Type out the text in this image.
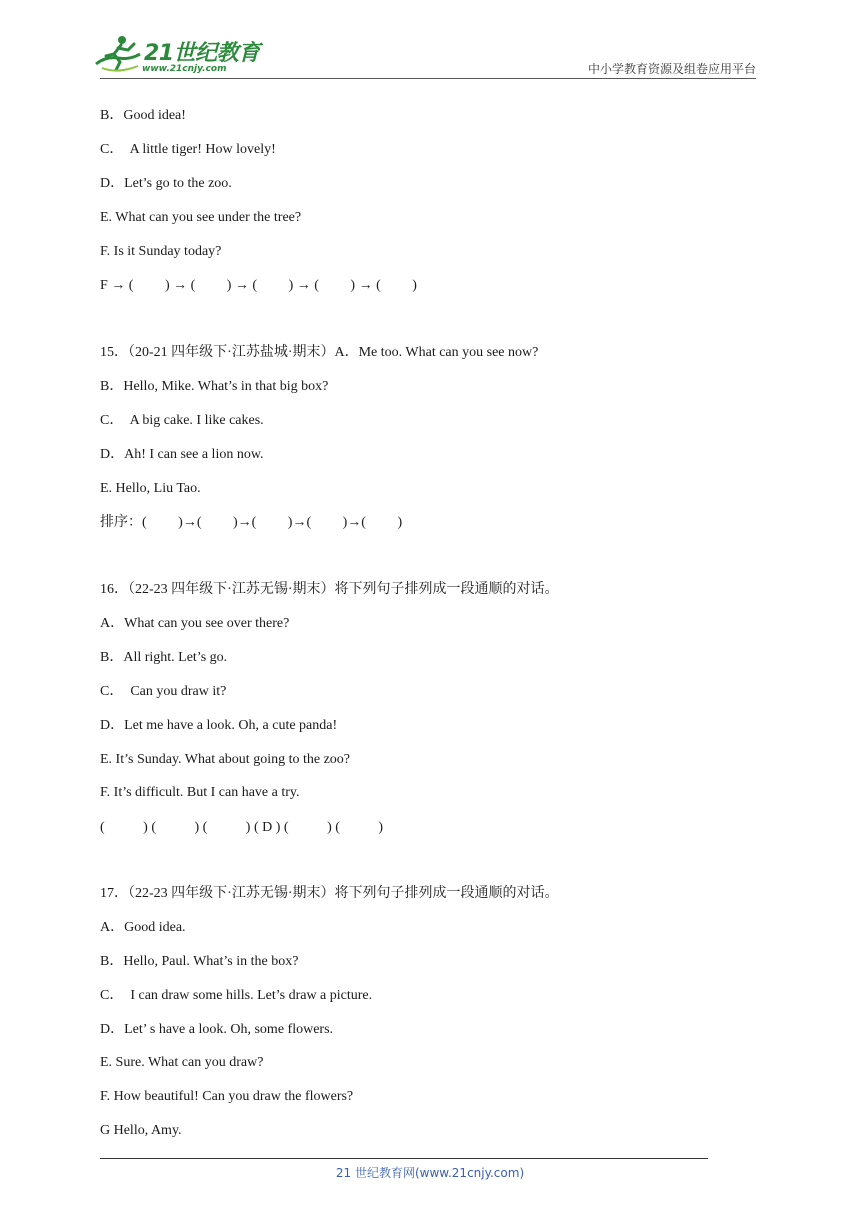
21世纪教育
www.21cnjy.com	中小学教育资源及组卷应用平台
B．Good idea!
C．  A little tiger! How lovely!
D．Let’s go to the zoo.
E. What can you see under the tree?
F. Is it Sunday today?
F → (         ) → (         ) → (         ) → (         ) → (         )
15．（20-21 四年级下·江苏盐城·期末）A．Me too. What can you see now?
B．Hello, Mike. What’s in that big box?
C．  A big cake. I like cakes.
D．Ah! I can see a lion now.
E. Hello, Liu Tao.
排序：(         )→(         )→(         )→(         )→(         )
16．（22-23 四年级下·江苏无锡·期末）将下列句子排列成一段通顺的对话。
A．What can you see over there?
B．All right. Let’s go.
C．  Can you draw it?
D．Let me have a look. Oh, a cute panda!
E. It’s Sunday. What about going to the zoo?
F. It’s difficult. But I can have a try.
(           ) (           ) (           ) ( D ) (           ) (           )
17．（22-23 四年级下·江苏无锡·期末）将下列句子排列成一段通顺的对话。
A．Good idea.
B．Hello, Paul. What’s in the box?
C．  I can draw some hills. Let’s draw a picture.
D．Let’ s have a look. Oh, some flowers.
E. Sure. What can you draw?
F. How beautiful! Can you draw the flowers?
G Hello, Amy.
21 世纪教育网(www.21cnjy.com)
